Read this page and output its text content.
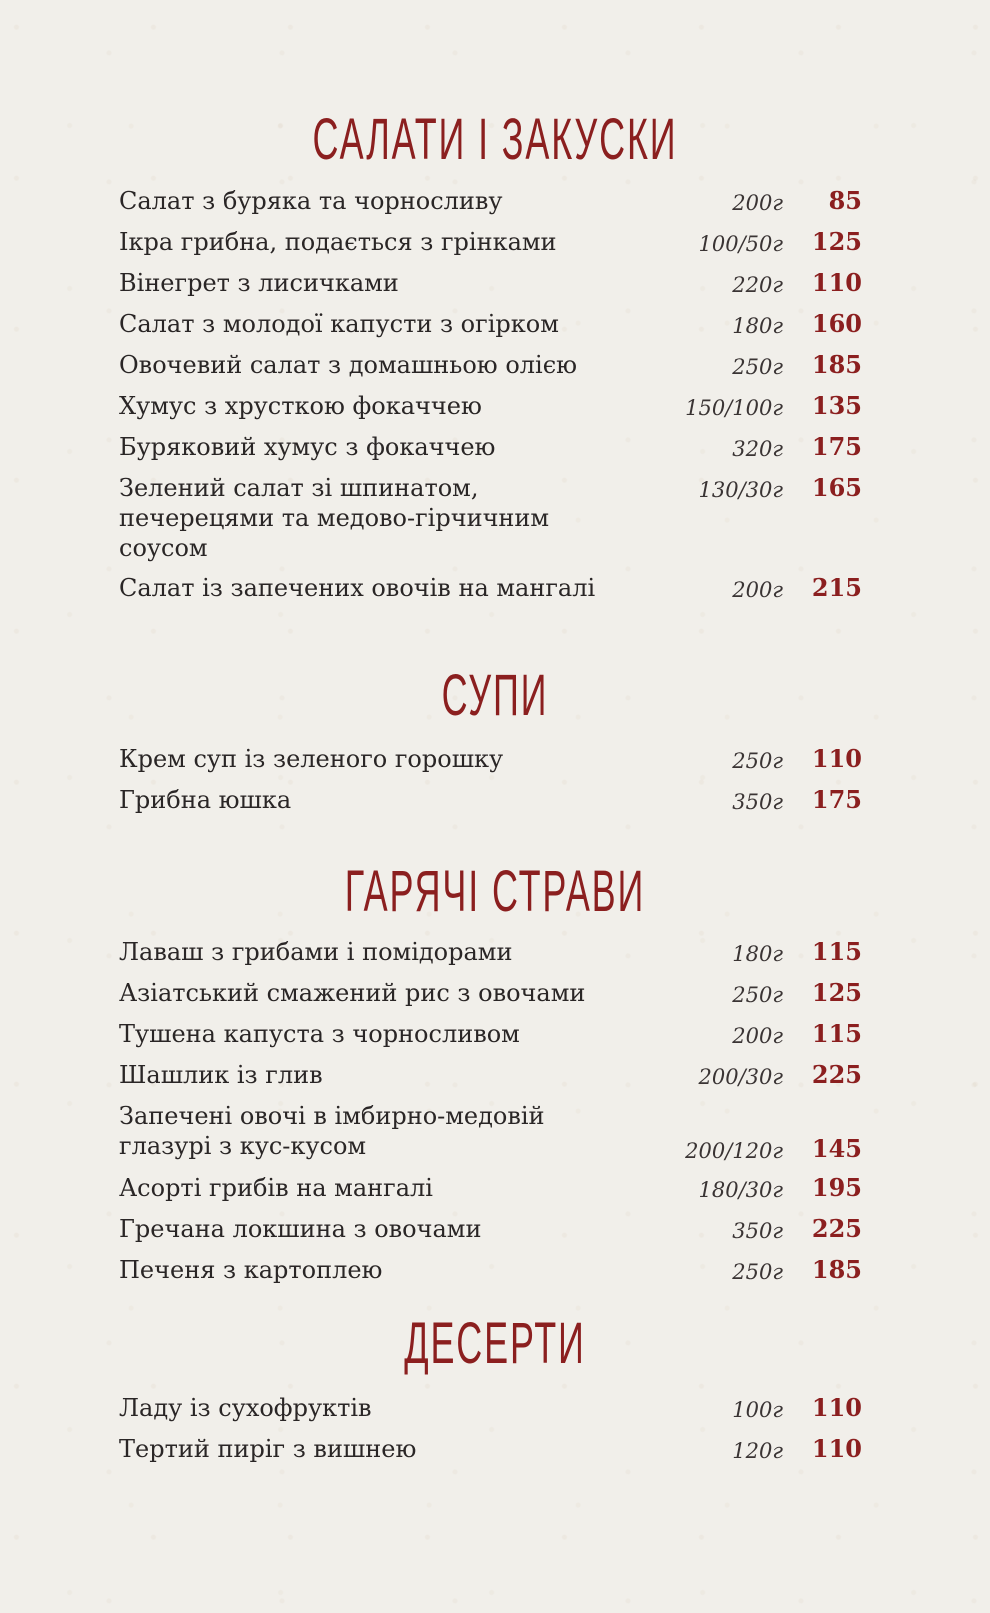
САЛАТИ І ЗАКУСКИ
Салат з буряка та чорносливу	200г 85
Ікра грибна, подається з грінками	100/50г 125
Вінегрет з лисичками	220г 110
Салат з молодої капусти з огірком	180г 160
Овочевий салат з домашньою олією	250г 185
Хумус з хрусткою фокаччею	150/100г 135
Буряковий хумус з фокаччею	320г 175
Зелений салат зі шпинатом, печерецями та медово-гірчичним соусом
130/30г 165
Салат із запечених овочів на мангалі	200г 215
СУПИ
Крем суп із зеленого горошку	250г 110
Грибна юшка	350г 175
ГАРЯЧІ СТРАВИ
Лаваш з грибами і помідорами	180г 115
Азіатський смажений рис з овочами	250г 125
Тушена капуста з чорносливом	200г 115
Шашлик із глив	200/30г 225
Запечені овочі в імбирно-медовій глазурі з кус-кусом	200/120г 145
Асорті грибів на мангалі	180/30г 195
Гречана локшина з овочами	350г 225
Печеня з картоплею	250г 185
ДЕСЕРТИ
Ладу із сухофруктів	100г 110
Тертий пиріг з вишнею	120г 110
